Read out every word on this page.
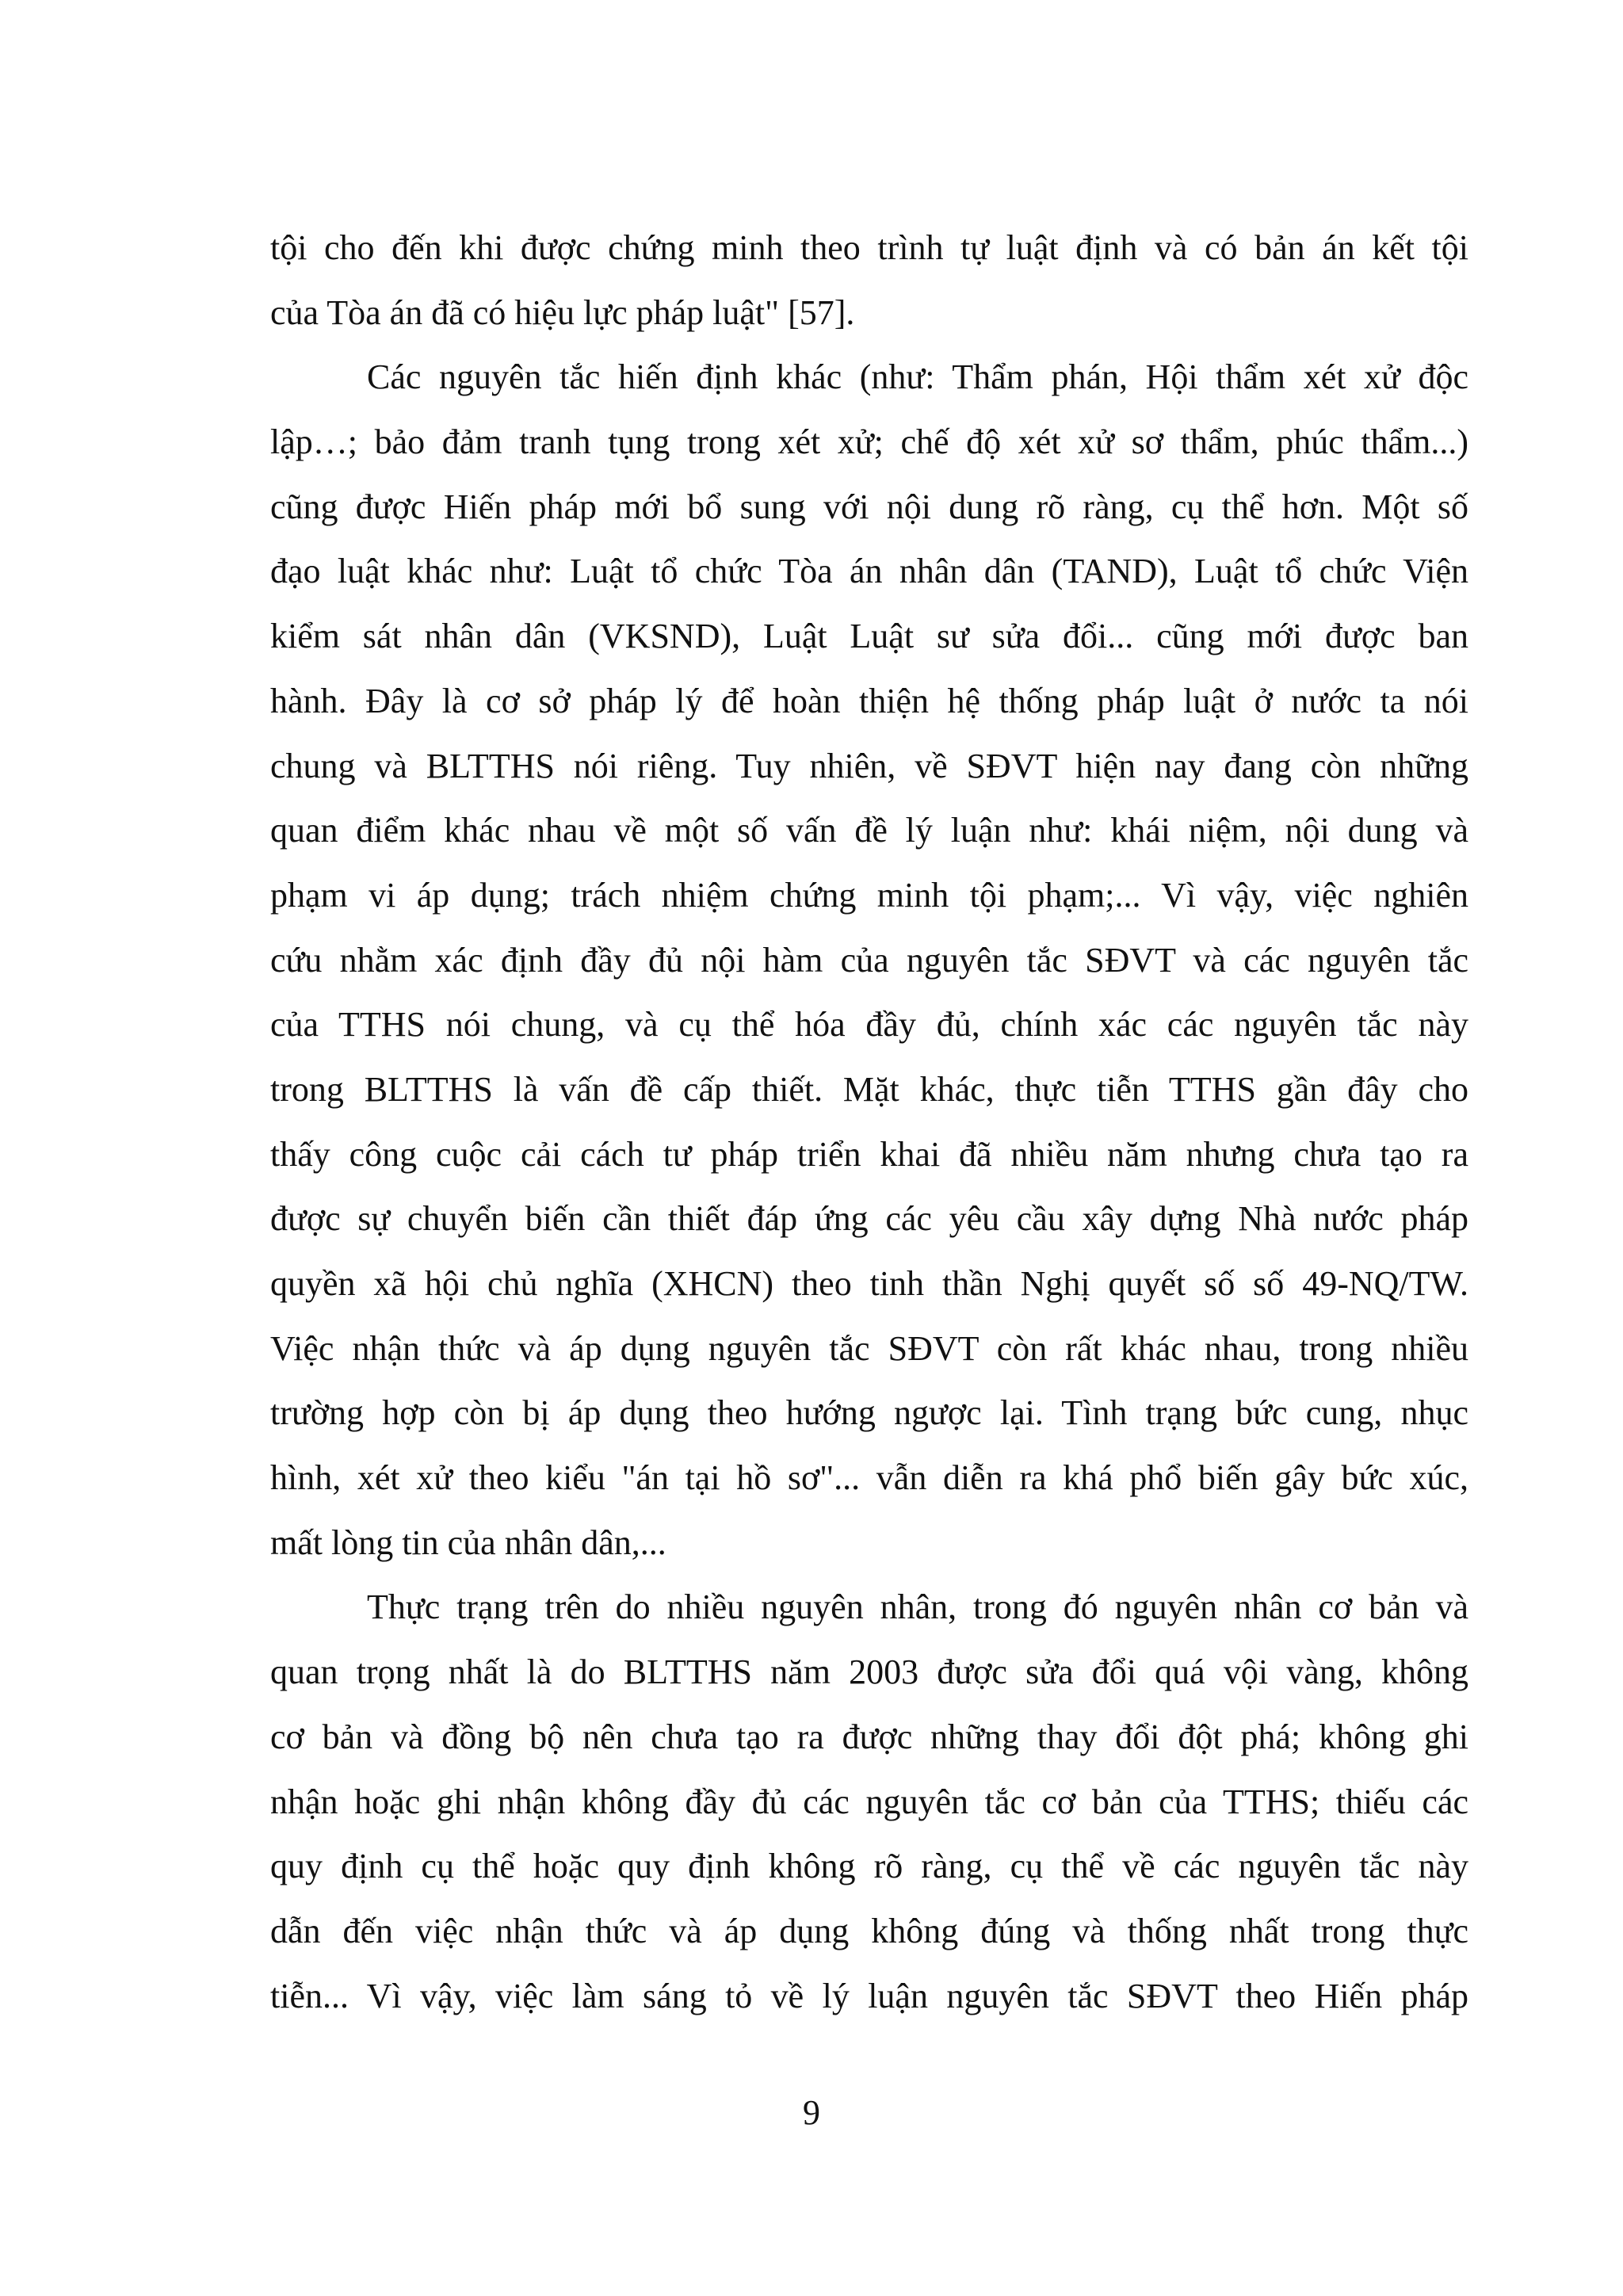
tội cho đến khi được chứng minh theo trình tự luật định và có bản án kết tội
của Tòa án đã có hiệu lực pháp luật" [57].
Các nguyên tắc hiến định khác (như: Thẩm phán, Hội thẩm xét xử độc
lập…; bảo đảm tranh tụng trong xét xử; chế độ xét xử sơ thẩm, phúc thẩm...)
cũng được Hiến pháp mới bổ sung với nội dung rõ ràng, cụ thể hơn. Một số
đạo luật khác như: Luật tổ chức Tòa án nhân dân (TAND), Luật tổ chức Viện
kiểm sát nhân dân (VKSND), Luật Luật sư sửa đổi... cũng mới được ban
hành. Đây là cơ sở pháp lý để hoàn thiện hệ thống pháp luật ở nước ta nói
chung và BLTTHS nói riêng. Tuy nhiên, về SĐVT hiện nay đang còn những
quan điểm khác nhau về một số vấn đề lý luận như: khái niệm, nội dung và
phạm vi áp dụng; trách nhiệm chứng minh tội phạm;... Vì vậy, việc nghiên
cứu nhằm xác định đầy đủ nội hàm của nguyên tắc SĐVT và các nguyên tắc
của TTHS nói chung, và cụ thể hóa đầy đủ, chính xác các nguyên tắc này
trong BLTTHS là vấn đề cấp thiết. Mặt khác, thực tiễn TTHS gần đây cho
thấy công cuộc cải cách tư pháp triển khai đã nhiều năm nhưng chưa tạo ra
được sự chuyển biến cần thiết đáp ứng các yêu cầu xây dựng Nhà nước pháp
quyền xã hội chủ nghĩa (XHCN) theo tinh thần Nghị quyết số số 49-NQ/TW.
Việc nhận thức và áp dụng nguyên tắc SĐVT còn rất khác nhau, trong nhiều
trường hợp còn bị áp dụng theo hướng ngược lại. Tình trạng bức cung, nhục
hình, xét xử theo kiểu "án tại hồ sơ"... vẫn diễn ra khá phổ biến gây bức xúc,
mất lòng tin của nhân dân,...
Thực trạng trên do nhiều nguyên nhân, trong đó nguyên nhân cơ bản và
quan trọng nhất là do BLTTHS năm 2003 được sửa đổi quá vội vàng, không
cơ bản và đồng bộ nên chưa tạo ra được những thay đổi đột phá; không ghi
nhận hoặc ghi nhận không đầy đủ các nguyên tắc cơ bản của TTHS; thiếu các
quy định cụ thể hoặc quy định không rõ ràng, cụ thể về các nguyên tắc này
dẫn đến việc nhận thức và áp dụng không đúng và thống nhất trong thực
tiễn... Vì vậy, việc làm sáng tỏ về lý luận nguyên tắc SĐVT theo Hiến pháp
9
